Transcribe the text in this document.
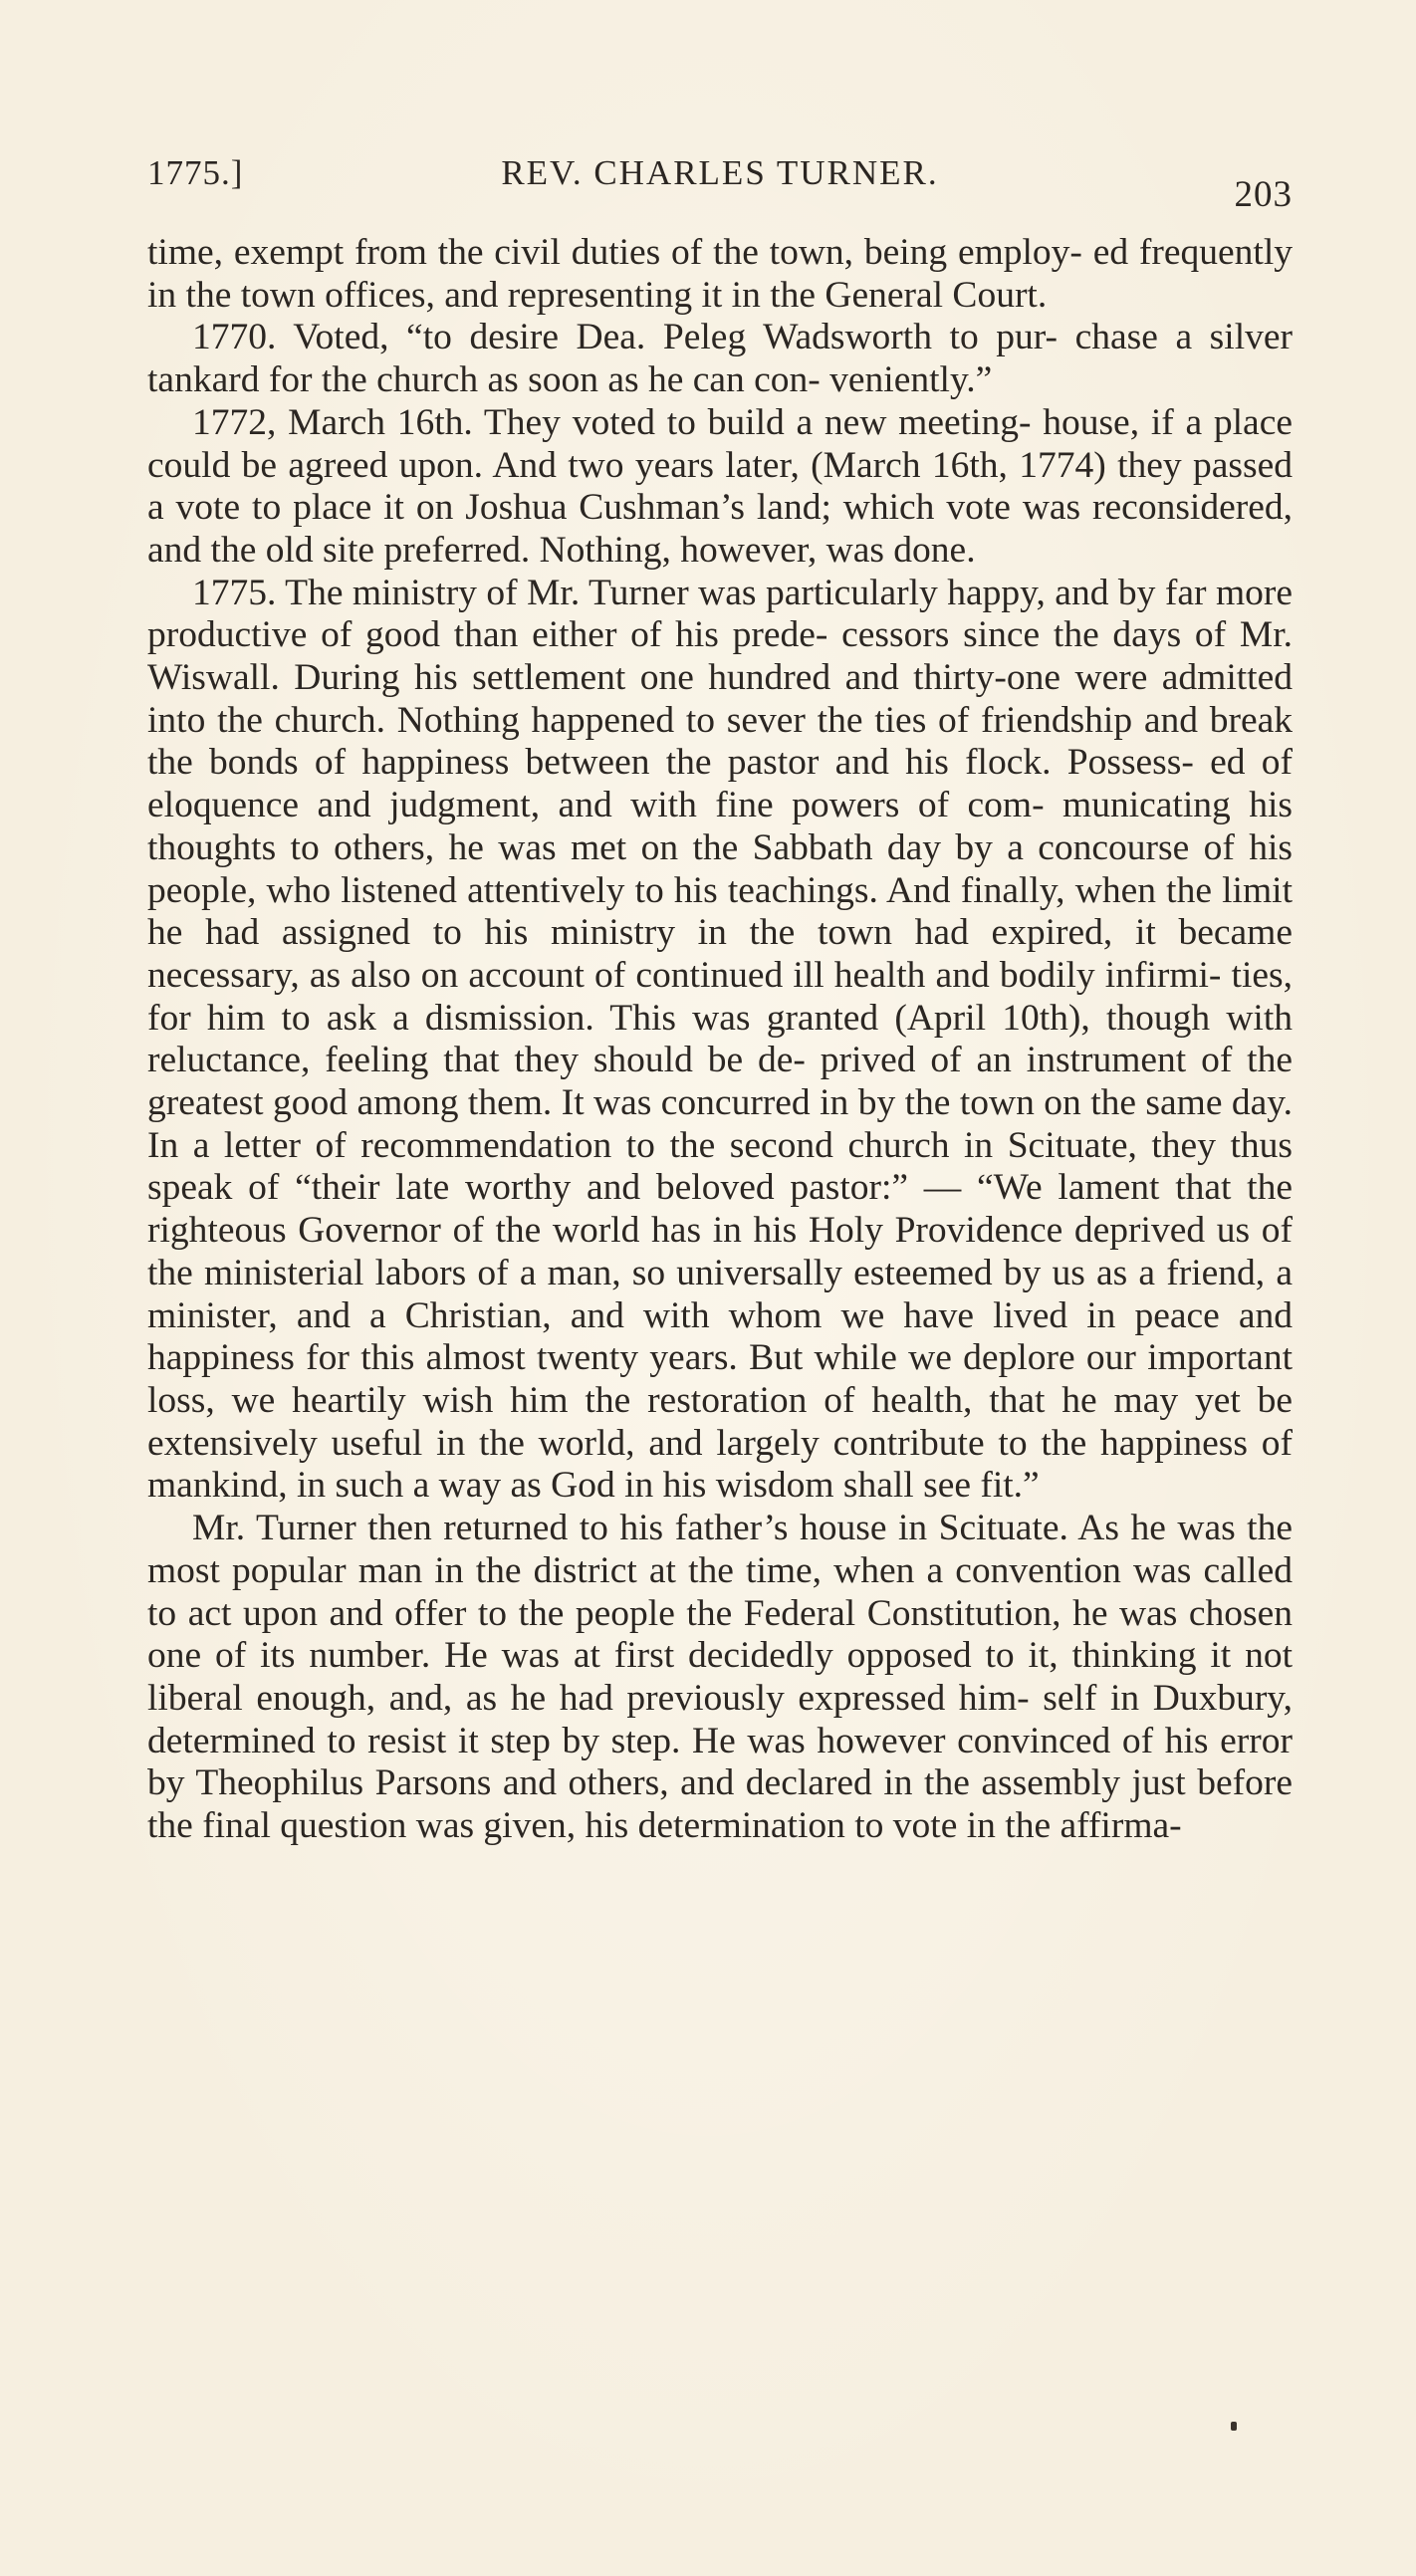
1775.]	REV. CHARLES TURNER.
203

time, exempt from the civil duties of the town, being employ- ed frequently in the town offices, and representing it in the General Court.

1770. Voted, “to desire Dea. Peleg Wadsworth to pur- chase a silver tankard for the church as soon as he can con- veniently.”

1772, March 16th. They voted to build a new meeting- house, if a place could be agreed upon. And two years later, (March 16th, 1774) they passed a vote to place it on Joshua Cushman’s land; which vote was reconsidered, and the old site preferred. Nothing, however, was done.

1775. The ministry of Mr. Turner was particularly happy, and by far more productive of good than either of his prede- cessors since the days of Mr. Wiswall. During his settlement one hundred and thirty-one were admitted into the church. Nothing happened to sever the ties of friendship and break the bonds of happiness between the pastor and his flock. Possess- ed of eloquence and judgment, and with fine powers of com- municating his thoughts to others, he was met on the Sabbath day by a concourse of his people, who listened attentively to his teachings. And finally, when the limit he had assigned to his ministry in the town had expired, it became necessary, as also on account of continued ill health and bodily infirmi- ties, for him to ask a dismission. This was granted (April 10th), though with reluctance, feeling that they should be de- prived of an instrument of the greatest good among them. It was concurred in by the town on the same day. In a letter of recommendation to the second church in Scituate, they thus speak of “their late worthy and beloved pastor:” — “We lament that the righteous Governor of the world has in his Holy Providence deprived us of the ministerial labors of a man, so universally esteemed by us as a friend, a minister, and a Christian, and with whom we have lived in peace and happiness for this almost twenty years. But while we deplore our important loss, we heartily wish him the restoration of health, that he may yet be extensively useful in the world, and largely contribute to the happiness of mankind, in such a way as God in his wisdom shall see fit.”

Mr. Turner then returned to his father’s house in Scituate. As he was the most popular man in the district at the time, when a convention was called to act upon and offer to the people the Federal Constitution, he was chosen one of its number. He was at first decidedly opposed to it, thinking it not liberal enough, and, as he had previously expressed him- self in Duxbury, determined to resist it step by step. He was however convinced of his error by Theophilus Parsons and others, and declared in the assembly just before the final question was given, his determination to vote in the affirma-
